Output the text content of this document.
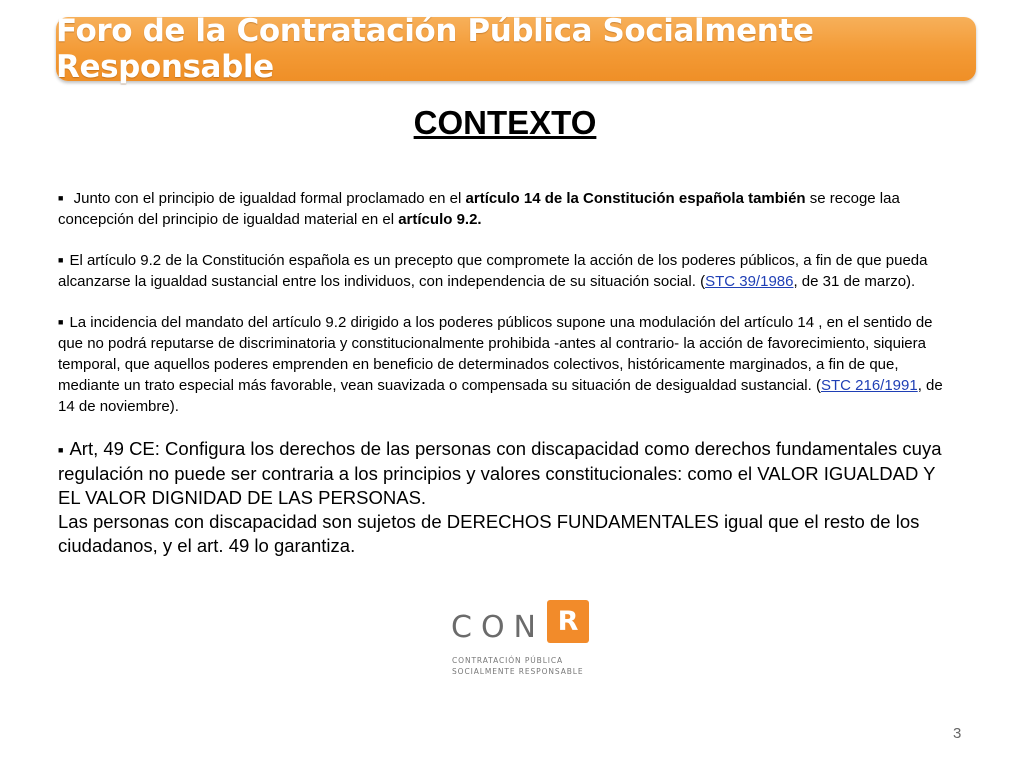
Foro de la Contratación Pública Socialmente Responsable
CONTEXTO

■ Junto con el principio de igualdad formal proclamado en el artículo 14 de la Constitución española también se recoge laa concepción del principio de igualdad material en el artículo 9.2.

■ El artículo 9.2 de la Constitución española es un precepto que compromete la acción de los poderes públicos, a fin de que pueda alcanzarse la igualdad sustancial entre los individuos, con independencia de su situación social. (STC 39/1986, de 31 de marzo).

■ La incidencia del mandato del artículo 9.2 dirigido a los poderes públicos supone una modulación del artículo 14 , en el sentido de que no podrá reputarse de discriminatoria y constitucionalmente prohibida -antes al contrario- la acción de favorecimiento, siquiera temporal, que aquellos poderes emprenden en beneficio de determinados colectivos, históricamente marginados, a fin de que, mediante un trato especial más favorable, vean suavizada o compensada su situación de desigualdad sustancial. (STC 216/1991, de 14 de noviembre).

■ Art, 49 CE: Configura los derechos de las personas con discapacidad como derechos fundamentales cuya regulación no puede ser contraria a los principios y valores constitucionales: como el VALOR IGUALDAD Y EL VALOR DIGNIDAD DE LAS PERSONAS.
Las personas con discapacidad son sujetos de DERECHOS FUNDAMENTALES igual que el resto de los ciudadanos, y el art. 49 lo garantiza.

CON R
CONTRATACIÓN PÚBLICA
SOCIALMENTE RESPONSABLE
3
